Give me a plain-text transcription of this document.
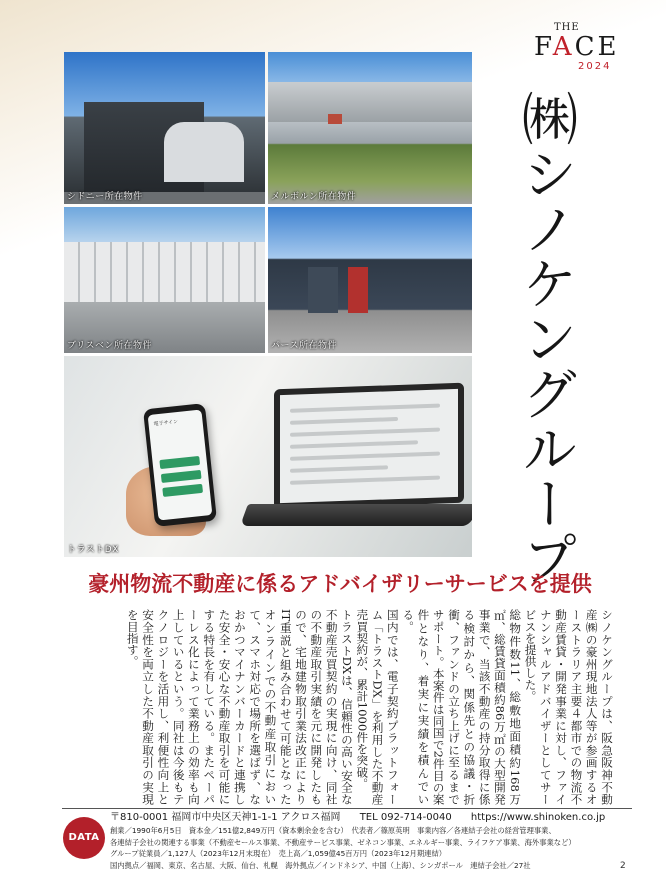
THE
FACE
2024
シドニー所在物件	メルボルン所在物件
ブリスベン所在物件	パース所在物件
電子サイン
トラストDX	㈱シノケングループ
豪州物流不動産に係るアドバイザリーサービスを提供

シノケングループは、阪急阪神不動産㈱の豪州現地法人等が参画するオーストラリア主要４都市での物流不動産賃貸・開発事業に対し、ファイナンシャルアドバイザーとしてサービスを提供した。

総物件数11、総敷地面積約168万㎡、総賃貸面積約86万㎡の大型開発事業で、当該不動産の持分取得に係る検討から、関係先との協議・折衝、ファンドの立ち上げに至るまでサポート。本案件は同国で2件目の案件となり、着実に実績を積んでいる。

国内では、電子契約プラットフォーム「トラストDX」を利用した不動産売買契約が、累計1000件を突破。

トラストDXは、信頼性の高い安全な不動産売買契約の実現に向け、同社の不動産取引実績を元に開発したもので、宅地建物取引業法改正によりIT重説と組み合わせて可能となったオンラインでの不動産取引において、スマホ対応で場所を選ばず、なおかつマイナンバーカードと連携した安全・安心な不動産取引を可能にする特長を有している。またペーパーレス化によって業務上の効率も向上しているという。同社は今後もテクノロジーを活用し、利便性向上と安全性を両立した不動産取引の実現を目指す。

DATA
〒810-0001 福岡市中央区天神1-1-1 アクロス福岡 TEL 092-714-0040 https://www.shinoken.co.jp
創業／1990年6月5日　資本金／151億2,849万円（資本剰余金を含む）　代表者／篠原英明　事業内容／各連結子会社の経営管理事業、
各連結子会社の関連する事業（不動産セールス事業、不動産サービス事業、ゼネコン事業、エネルギー事業、ライフケア事業、海外事業など）
グループ従業員／1,127人（2023年12月末現在）　売上高／1,059億45百万円（2023年12月期連結）
国内拠点／福岡、東京、名古屋、大阪、仙台、札幌　海外拠点／インドネシア、中国（上海）、シンガポール　連結子会社／27社	2
